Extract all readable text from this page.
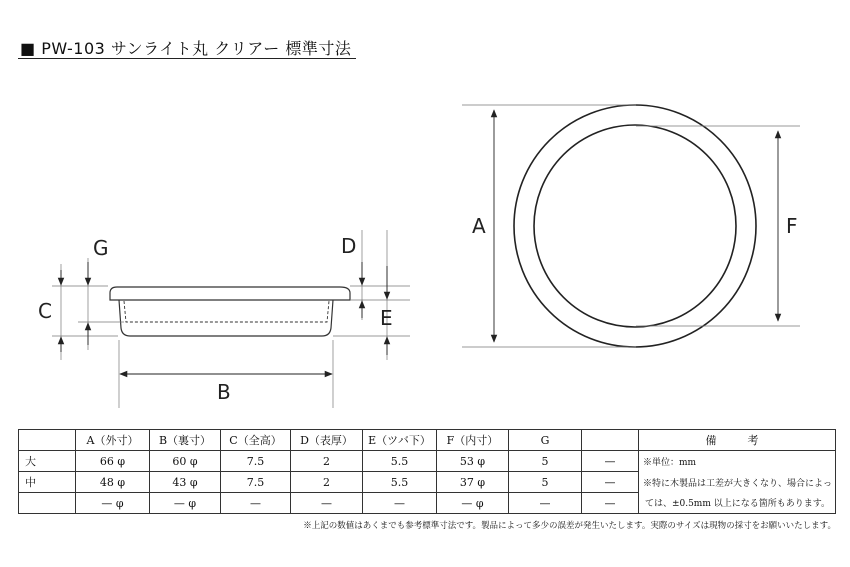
■ PW-103 サンライト丸 クリアー 標準寸法
G
C
D
E
B
A	F
	A（外寸）	B（裏寸）	C（全高）	D（表厚）	E（ツバ下）	F（内寸）	G		備　考
大	66 φ	60 φ	7.5	2	5.5	53 φ	5	—	※単位：mm
中	48 φ	43 φ	7.5	2	5.5	37 φ	5	—	※特に木製品は工差が大きくなり、場合によっ
	— φ	— φ	—	—	—	— φ	—	—	ては、±0.5mm 以上になる箇所もあります。
※上記の数値はあくまでも参考標準寸法です。製品によって多少の誤差が発生いたします。実際のサイズは現物の採寸をお願いいたします。
